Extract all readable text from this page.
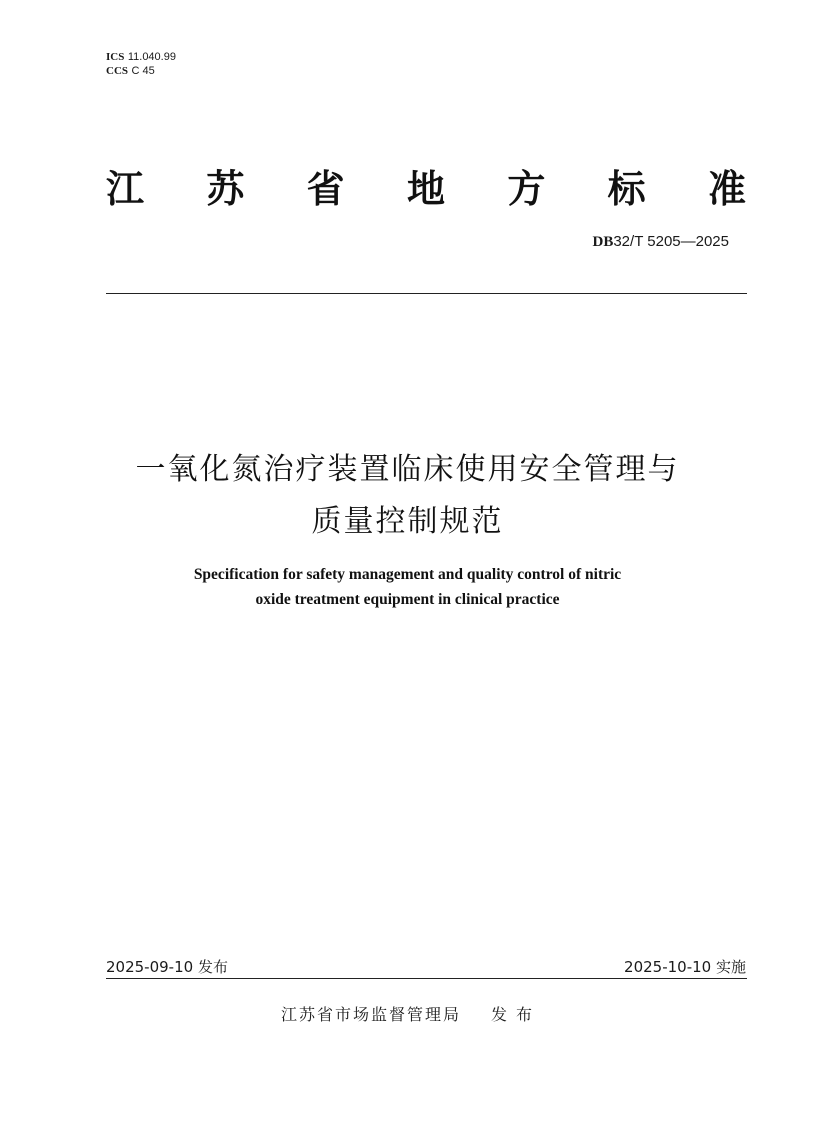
ICS 11.040.99
CCS C 45
江 苏 省 地 方 标 准
DB32/T 5205—2025
一氧化氮治疗装置临床使用安全管理与
质量控制规范
Specification for safety management and quality control of nitric
oxide treatment equipment in clinical practice
2025-09-10 发布	2025-10-10 实施
江苏省市场监督管理局 发 布
